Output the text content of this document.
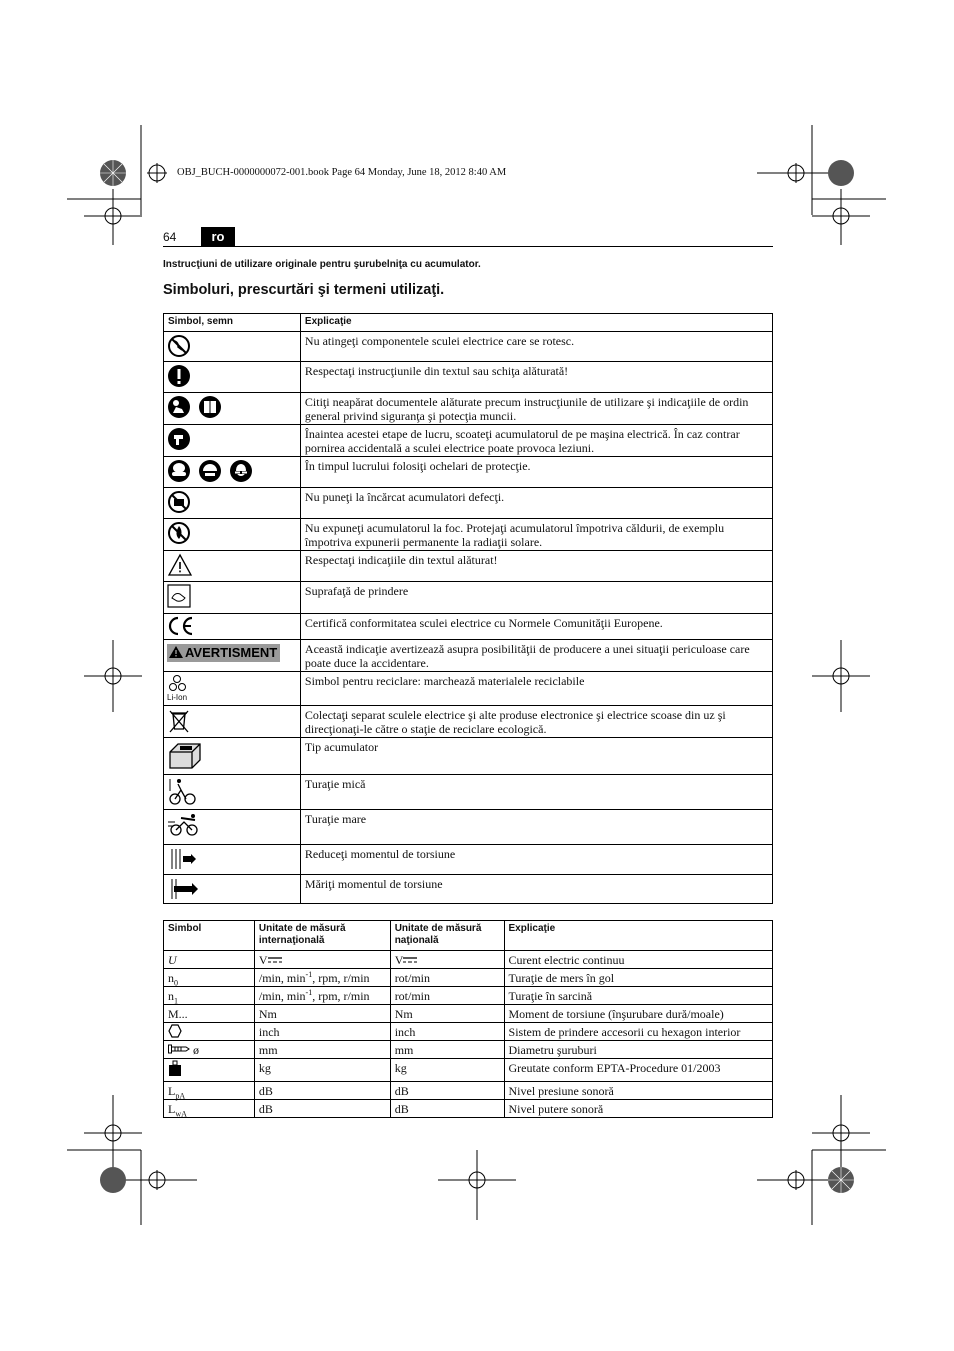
OBJ_BUCH-0000000072-001.book Page 64 Monday, June 18, 2012 8:40 AM
64	ro
Instrucţiuni de utilizare originale pentru şurubelniţa cu acumulator.
Simboluri, prescurtări şi termeni utilizaţi.
Simbol, semn	Explicaţie
	Nu atingeţi componentele sculei electrice care se rotesc.
	Respectaţi instrucţiunile din textul sau schiţa alăturată!
	Citiţi neapărat documentele alăturate precum instrucţiunile de utilizare şi indicaţiile de ordin general privind siguranţa şi potecţia muncii.
	Înaintea acestei etape de lucru, scoateţi acumulatorul de pe maşina electrică. În caz contrar pornirea accidentală a sculei electrice poate provoca leziuni.
	În timpul lucrului folosiţi ochelari de protecţie.
	Nu puneţi la încărcat acumulatori defecţi.
	Nu expuneţi acumulatorul la foc. Protejaţi acumulatorul împotriva căldurii, de exemplu împotriva expunerii permanente la radiaţii solare.
	Respectaţi indicaţiile din textul alăturat!
	Suprafaţă de prindere
	Certifică conformitatea sculei electrice cu Normele Comunităţii Europene.
AVERTISMENT	Această indicaţie avertizează asupra posibilităţii de producere a unei situaţii periculoase care poate duce la accidentare.

Li-Ion	Simbol pentru reciclare: marchează materialele reciclabile
	Colectaţi separat sculele electrice şi alte produse electronice şi electrice scoase din uz şi direcţionaţi-le către o staţie de reciclare ecologică.
	Tip acumulator
	Turaţie mică
	Turaţie mare
	Reduceţi momentul de torsiune
	Măriţi momentul de torsiune
Simbol	Unitate de măsură internaţională	Unitate de măsură naţională	Explicaţie
U	V	V	Curent electric continuu
$n_0$	/min, $\min^{-1}$, rpm, r/min	rot/min	Turaţie de mers în gol
$n_1$	/min, $\min^{-1}$, rpm, r/min	rot/min	Turaţie în sarcină
M...	Nm	Nm	Moment de torsiune (înşurubare dură/moale)
	inch	inch	Sistem de prindere accesorii cu hexagon interior
ø	mm	mm	Diametru şuruburi
	kg	kg	Greutate conform EPTA-Procedure 01/2003
$L_{pA}$	dB	dB	Nivel presiune sonoră
$L_{wA}$	dB	dB	Nivel putere sonoră
